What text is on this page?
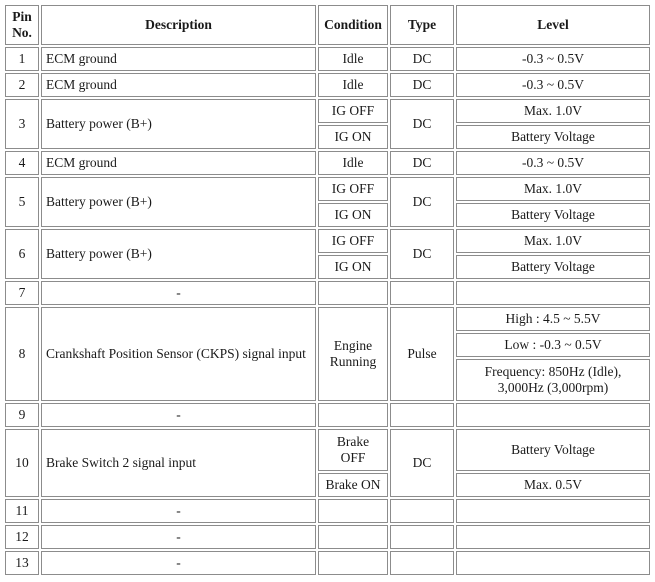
Pin No.	Description	Condition	Type	Level
1	ECM ground	Idle	DC	-0.3 ~ 0.5V
2	ECM ground	Idle	DC	-0.3 ~ 0.5V
3	Battery power (B+)	IG OFF	DC	Max. 1.0V
		IG ON		Battery Voltage
4	ECM ground	Idle	DC	-0.3 ~ 0.5V
5	Battery power (B+)	IG OFF	DC	Max. 1.0V
		IG ON		Battery Voltage
6	Battery power (B+)	IG OFF	DC	Max. 1.0V
		IG ON		Battery Voltage
7	-			
8	Crankshaft Position Sensor (CKPS) signal input	Engine Running	Pulse	High : 4.5 ~ 5.5V
				Low : -0.3 ~ 0.5V
				Frequency: 850Hz (Idle), 3,000Hz (3,000rpm)
9	-			
10	Brake Switch 2 signal input	Brake OFF	DC	Battery Voltage
		Brake ON		Max. 0.5V
11	-			
12	-			
13	-			
